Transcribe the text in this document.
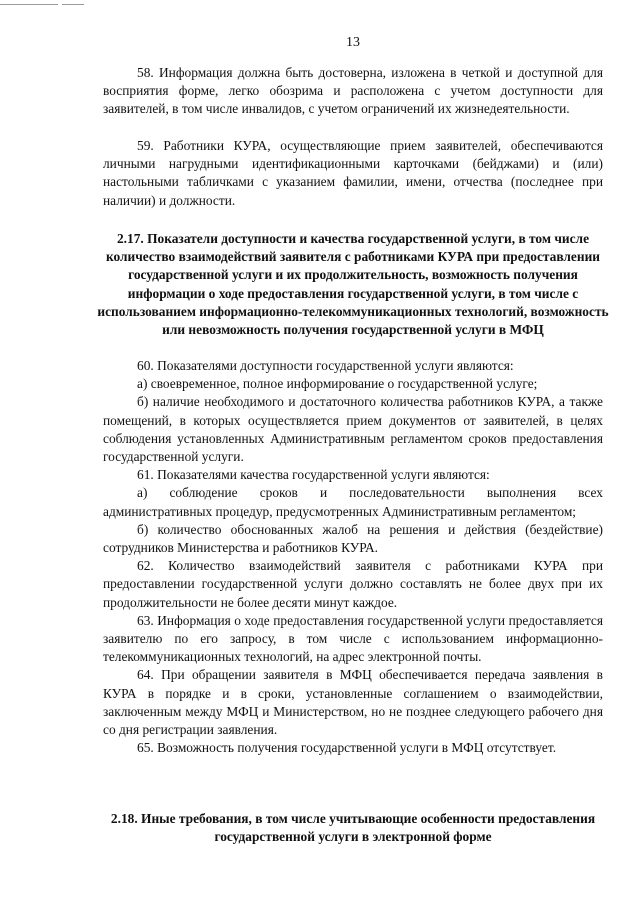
13

58. Информация должна быть достоверна, изложена в четкой и доступной для восприятия форме, легко обозрима и расположена с учетом доступности для заявителей, в том числе инвалидов, с учетом ограничений их жизнедеятельности.

59. Работники КУРА, осуществляющие прием заявителей, обеспечиваются личными нагрудными идентификационными карточками (бейджами) и (или) настольными табличками с указанием фамилии, имени, отчества (последнее при наличии) и должности.

2.17. Показатели доступности и качества государственной услуги, в том числе количество взаимодействий заявителя с работниками КУРА при предоставлении государственной услуги и их продолжительность, возможность получения информации о ходе предоставления государственной услуги, в том числе с использованием информационно-телекоммуникационных технологий, возможность или невозможность получения государственной услуги в МФЦ

60. Показателями доступности государственной услуги являются:

а) своевременное, полное информирование о государственной услуге;

б) наличие необходимого и достаточного количества работников КУРА, а также помещений, в которых осуществляется прием документов от заявителей, в целях соблюдения установленных Административным регламентом сроков предоставления государственной услуги.

61. Показателями качества государственной услуги являются:

а) соблюдение сроков и последовательности выполнения всех административных процедур, предусмотренных Административным регламентом;

б) количество обоснованных жалоб на решения и действия (бездействие) сотрудников Министерства и работников КУРА.

62. Количество взаимодействий заявителя с работниками КУРА при предоставлении государственной услуги должно составлять не более двух при их продолжительности не более десяти минут каждое.

63. Информация о ходе предоставления государственной услуги предоставляется заявителю по его запросу, в том числе с использованием информационно-телекоммуникационных технологий, на адрес электронной почты.

64. При обращении заявителя в МФЦ обеспечивается передача заявления в КУРА в порядке и в сроки, установленные соглашением о взаимодействии, заключенным между МФЦ и Министерством, но не позднее следующего рабочего дня со дня регистрации заявления.

65. Возможность получения государственной услуги в МФЦ отсутствует.

2.18. Иные требования, в том числе учитывающие особенности предоставления государственной услуги в электронной форме
